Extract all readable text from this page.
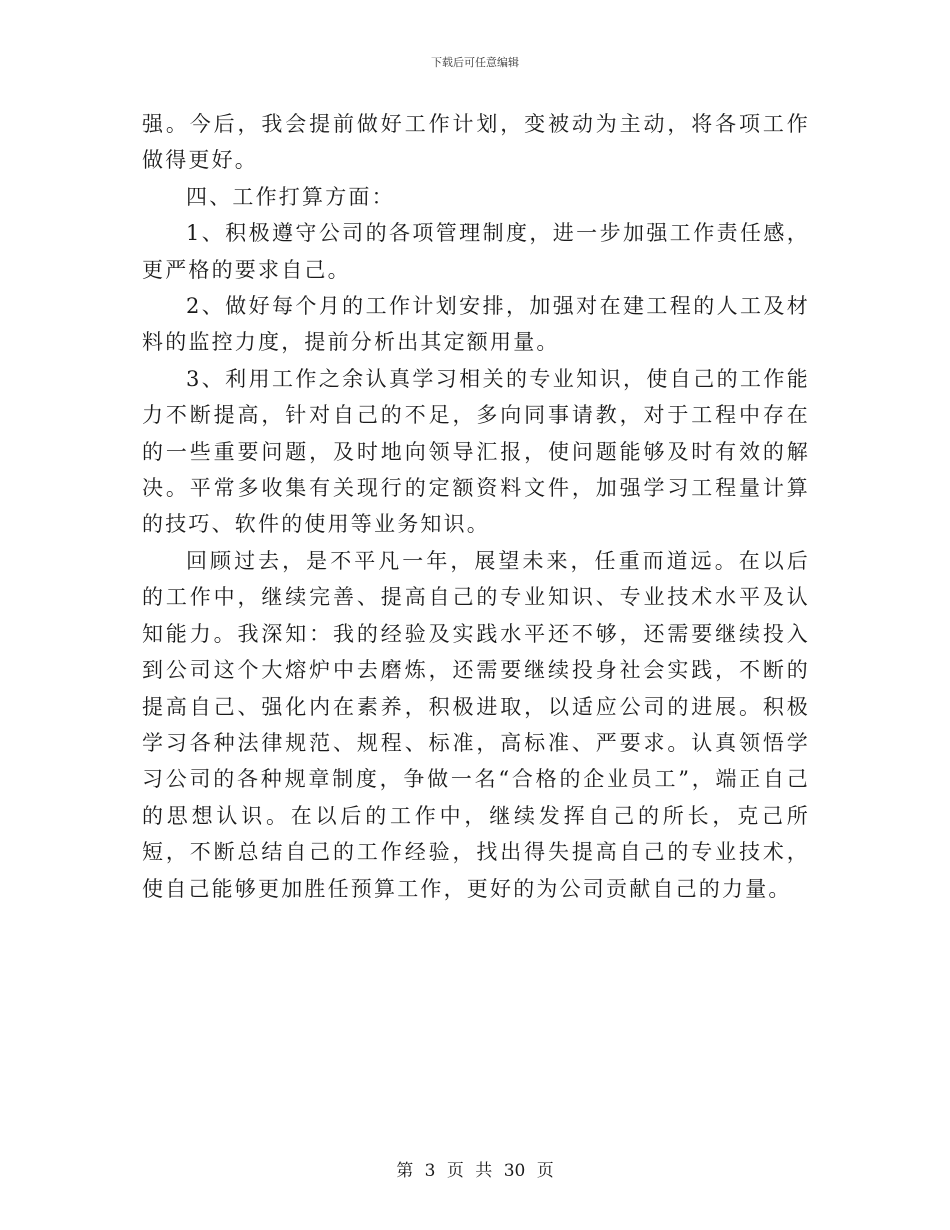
下载后可任意编辑

强。今后，我会提前做好工作计划，变被动为主动，将各项工作做得更好。

四、工作打算方面：

1、积极遵守公司的各项管理制度，进一步加强工作责任感，更严格的要求自己。

2、做好每个月的工作计划安排，加强对在建工程的人工及材料的监控力度，提前分析出其定额用量。

3、利用工作之余认真学习相关的专业知识，使自己的工作能力不断提高，针对自己的不足，多向同事请教，对于工程中存在的一些重要问题，及时地向领导汇报，使问题能够及时有效的解决。平常多收集有关现行的定额资料文件，加强学习工程量计算的技巧、软件的使用等业务知识。

回顾过去，是不平凡一年，展望未来，任重而道远。在以后的工作中，继续完善、提高自己的专业知识、专业技术水平及认知能力。我深知：我的经验及实践水平还不够，还需要继续投入到公司这个大熔炉中去磨炼，还需要继续投身社会实践，不断的提高自己、强化内在素养，积极进取，以适应公司的进展。积极学习各种法律规范、规程、标准，高标准、严要求。认真领悟学习公司的各种规章制度，争做一名“合格的企业员工”，端正自己的思想认识。在以后的工作中，继续发挥自己的所长，克己所短，不断总结自己的工作经验，找出得失提高自己的专业技术，使自己能够更加胜任预算工作，更好的为公司贡献自己的力量。

第 3 页 共 30 页
